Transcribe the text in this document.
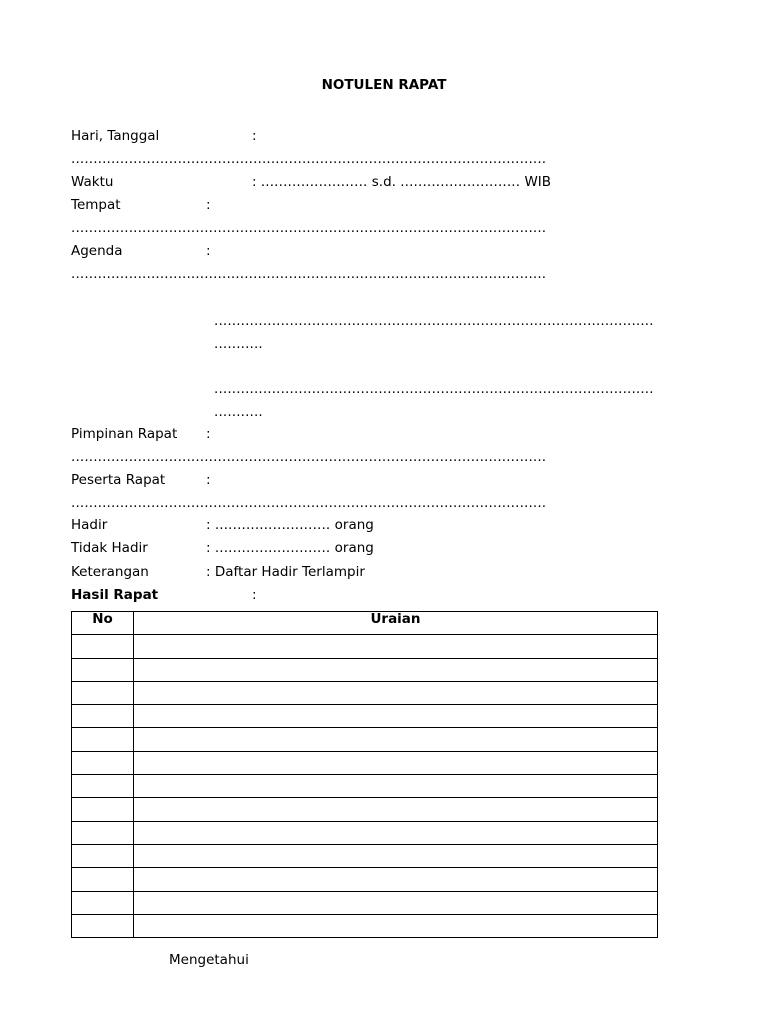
NOTULEN RAPAT
Hari, Tanggal	:
...........................................................................................................
Waktu	: ........................ s.d. ........................... WIB
Tempat	:
...........................................................................................................
Agenda	:
...........................................................................................................
...................................................................................................
...........
...................................................................................................
...........
Pimpinan Rapat :
...........................................................................................................
Peserta Rapat	:
...........................................................................................................
Hadir	: .......................... orang
Tidak Hadir	: .......................... orang
Keterangan	: Daftar Hadir Terlampir
Hasil Rapat	:
No	Uraian

Mengetahui
